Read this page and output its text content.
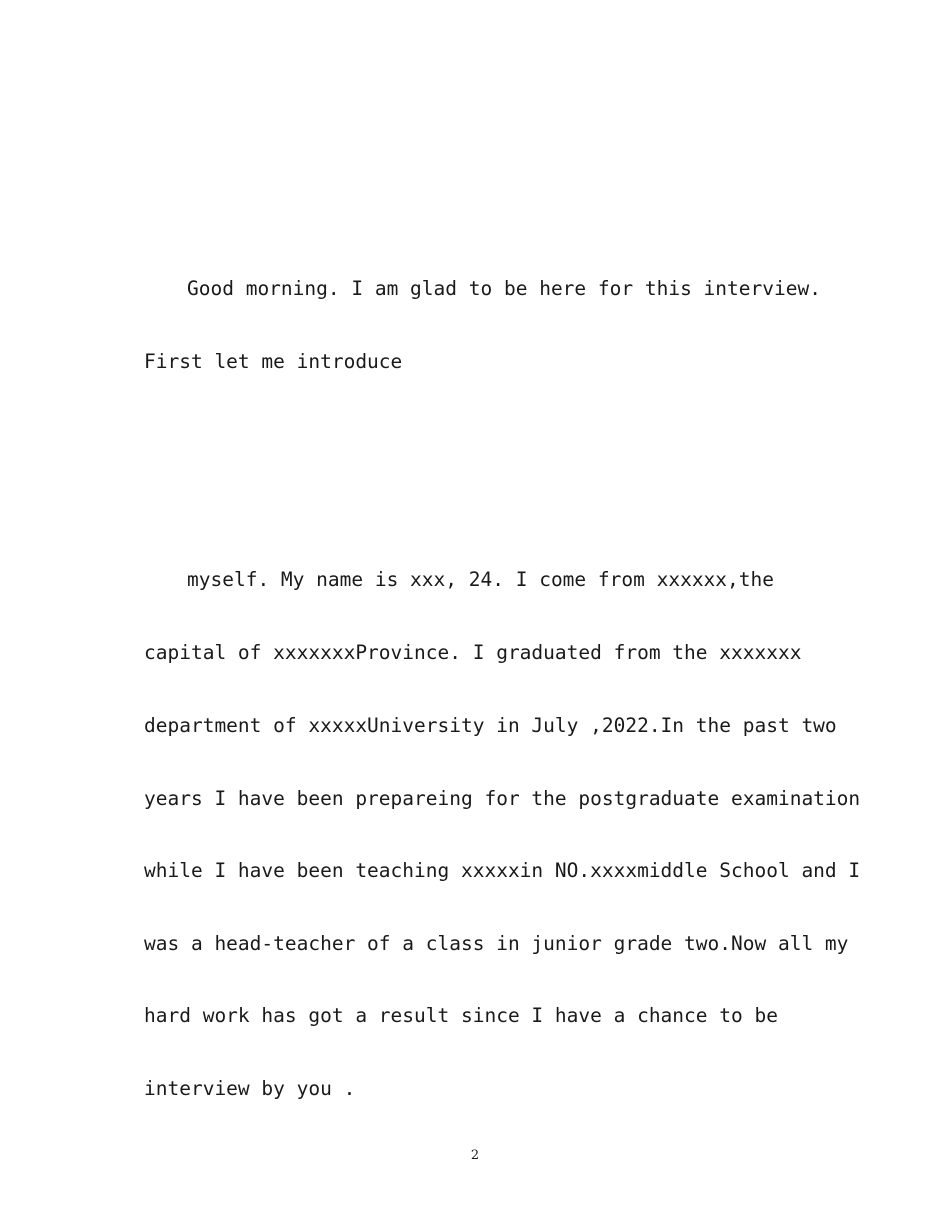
Good morning. I am glad to be here for this interview.

First let me introduce

myself. My name is xxx, 24. I come from xxxxxx,the

capital of xxxxxxxProvince. I graduated from the xxxxxxx

department of xxxxxUniversity in July ,2022.In the past two

years I have been prepareing for the postgraduate examination

while I have been teaching xxxxxin NO.xxxxmiddle School and I

was a head-teacher of a class in junior grade two.Now all my

hard work has got a result since I have a chance to be

interview by you .

2
